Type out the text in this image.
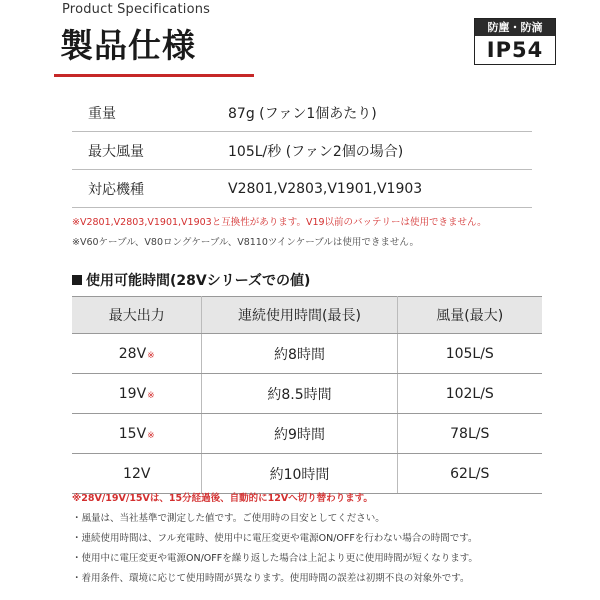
Product Specifications
製品仕様	防塵・防滴
IP54
重量	87g (ファン1個あたり)
最大風量	105L/秒 (ファン2個の場合)
対応機種	V2801,V2803,V1901,V1903
※V2801,V2803,V1901,V1903と互換性があります。V19以前のバッテリーは使用できません。
※V60ケーブル、V80ロングケーブル、V8110ツインケーブルは使用できません。
使用可能時間(28Vシリーズでの値)
最大出力	連続使用時間(最長)	風量(最大)
28V※	約8時間	105L/S
19V※	約8.5時間	102L/S
15V※	約9時間	78L/S
12V	約10時間	62L/S
※28V/19V/15Vは、15分経過後、自動的に12Vへ切り替わります。
・風量は、当社基準で測定した値です。ご使用時の目安としてください。
・連続使用時間は、フル充電時、使用中に電圧変更や電源ON/OFFを行わない場合の時間です。
・使用中に電圧変更や電源ON/OFFを繰り返した場合は上記より更に使用時間が短くなります。
・着用条件、環境に応じて使用時間が異なります。使用時間の誤差は初期不良の対象外です。
